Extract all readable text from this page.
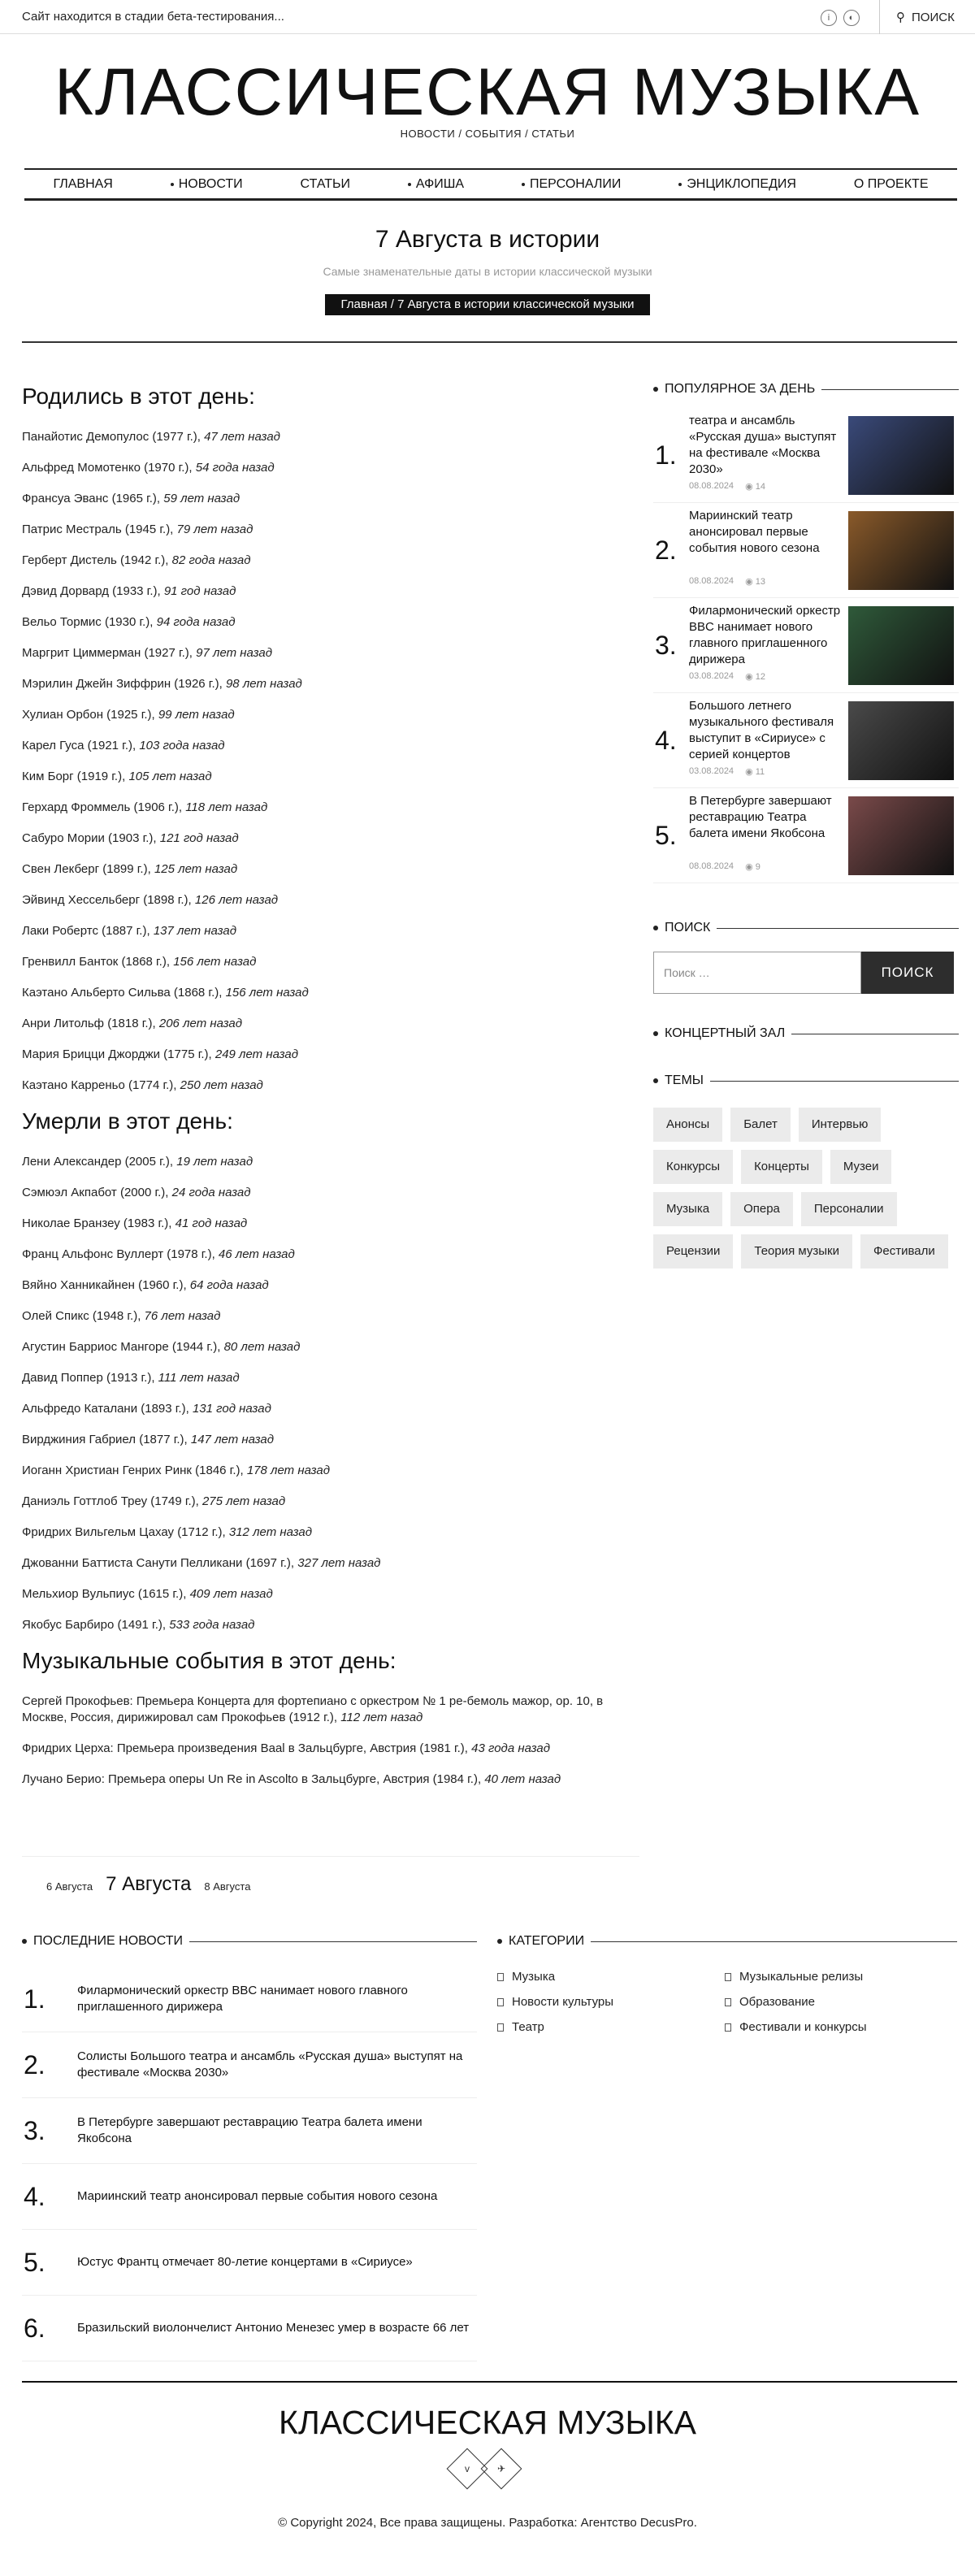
Сайт находится в стадии бета-тестирования...	i	◐	⚲ ПОИСК
КЛАССИЧЕСКАЯ МУЗЫКА
НОВОСТИ / СОБЫТИЯ / СТАТЬИ
ГЛАВНАЯ	НОВОСТИ	СТАТЬИ	АФИША	ПЕРСОНАЛИИ	ЭНЦИКЛОПЕДИЯ	О ПРОЕКТЕ
7 Августа в истории
Самые знаменательные даты в истории классической музыки
Главная / 7 Августа в истории классической музыки
Родились в этот день:
Панайотис Демопулос (1977 г.), 47 лет назад
Альфред Момотенко (1970 г.), 54 года назад
Франсуа Эванс (1965 г.), 59 лет назад
Патрис Местраль (1945 г.), 79 лет назад
Герберт Дистель (1942 г.), 82 года назад
Дэвид Дорвард (1933 г.), 91 год назад
Вельо Тормис (1930 г.), 94 года назад
Маргрит Циммерман (1927 г.), 97 лет назад
Мэрилин Джейн Зиффрин (1926 г.), 98 лет назад
Хулиан Орбон (1925 г.), 99 лет назад
Карел Гуса (1921 г.), 103 года назад
Ким Борг (1919 г.), 105 лет назад
Герхард Фроммель (1906 г.), 118 лет назад
Сабуро Мории (1903 г.), 121 год назад
Свен Лекберг (1899 г.), 125 лет назад
Эйвинд Хессельберг (1898 г.), 126 лет назад
Лаки Робертс (1887 г.), 137 лет назад
Гренвилл Банток (1868 г.), 156 лет назад
Каэтано Альберто Сильва (1868 г.), 156 лет назад
Анри Литольф (1818 г.), 206 лет назад
Мария Брицци Джорджи (1775 г.), 249 лет назад
Каэтано Карреньо (1774 г.), 250 лет назад
Умерли в этот день:
Лени Александер (2005 г.), 19 лет назад
Сэмюэл Акпабот (2000 г.), 24 года назад
Николае Бранзеу (1983 г.), 41 год назад
Франц Альфонс Вуллерт (1978 г.), 46 лет назад
Вяйно Ханникайнен (1960 г.), 64 года назад
Олей Спикс (1948 г.), 76 лет назад
Агустин Барриос Мангоре (1944 г.), 80 лет назад
Давид Поппер (1913 г.), 111 лет назад
Альфредо Каталани (1893 г.), 131 год назад
Вирджиния Габриел (1877 г.), 147 лет назад
Иоганн Христиан Генрих Ринк (1846 г.), 178 лет назад
Даниэль Готтлоб Треу (1749 г.), 275 лет назад
Фридрих Вильгельм Цахау (1712 г.), 312 лет назад
Джованни Баттиста Санути Пелликани (1697 г.), 327 лет назад
Мельхиор Вульпиус (1615 г.), 409 лет назад
Якобус Барбиро (1491 г.), 533 года назад
Музыкальные события в этот день:
Сергей Прокофьев: Премьера Концерта для фортепиано с оркестром № 1 ре-бемоль мажор, ор. 10, в Москве, Россия, дирижировал сам Прокофьев (1912 г.), 112 лет назад
Фридрих Церха: Премьера произведения Baal в Зальцбурге, Австрия (1981 г.), 43 года назад
Лучано Берио: Премьера оперы Un Re in Ascolto в Зальцбурге, Австрия (1984 г.), 40 лет назад
6 Августа 7 Августа 8 Августа
ПОПУЛЯРНОЕ ЗА ДЕНЬ
1.
театра и ансамбль «Русская душа» выступят на фестивале «Москва 2030»
08.08.2024 ◉ 14
2.
Мариинский театр анонсировал первые события нового сезона
08.08.2024 ◉ 13
3.
Филармонический оркестр BBC нанимает нового главного приглашенного дирижера
03.08.2024 ◉ 12
4.
Большого летнего музыкального фестиваля выступит в «Сириусе» с серией концертов
03.08.2024 ◉ 11
5.
В Петербурге завершают реставрацию Театра балета имени Якобсона
08.08.2024 ◉ 9
ПОИСК
Поиск …
ПОИСК
КОНЦЕРТНЫЙ ЗАЛ
ТЕМЫ
Анонсы	Балет	Интервью
Конкурсы	Концерты	Музеи
Музыка	Опера	Персоналии
Рецензии	Теория музыки	Фестивали
ПОСЛЕДНИЕ НОВОСТИ
1.	Филармонический оркестр BBC нанимает нового главного приглашенного дирижера
2.	Солисты Большого театра и ансамбль «Русская душа» выступят на фестивале «Москва 2030»
3.	В Петербурге завершают реставрацию Театра балета имени Якобсона
4.	Мариинский театр анонсировал первые события нового сезона
5.	Юстус Франтц отмечает 80-летие концертами в «Сириусе»
6.	Бразильский виолончелист Антонио Менезес умер в возрасте 66 лет
КАТЕГОРИИ
Музыка	Музыкальные релизы
Новости культуры	Образование
Театр	Фестивали и конкурсы
КЛАССИЧЕСКАЯ МУЗЫКА
v	✈
© Copyright 2024, Все права защищены. Разработка: Агентство DecusPro.
